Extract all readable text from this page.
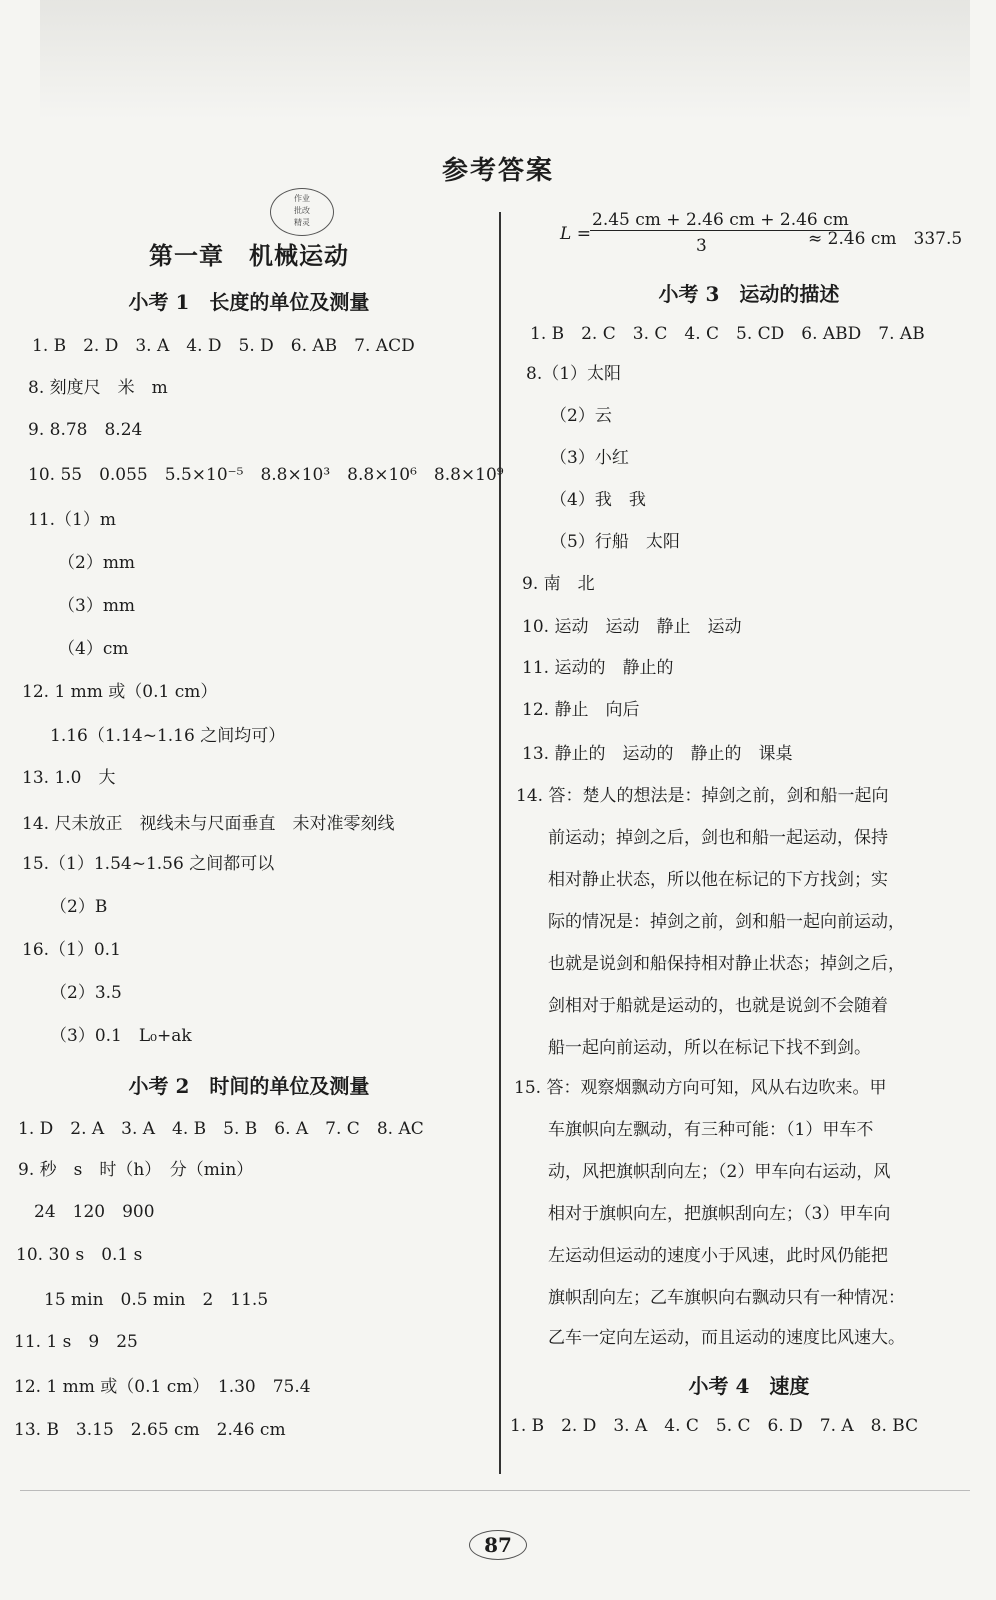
参考答案
作业
批改
精灵
第一章　机械运动
小考 1　长度的单位及测量
1. B　2. D　3. A　4. D　5. D　6. AB　7. ACD
8. 刻度尺　米　m
9. 8.78　8.24
10. 55　0.055　5.5×10⁻⁵　8.8×10³　8.8×10⁶　8.8×10⁹
11.（1）m
（2）mm
（3）mm
（4）cm
12. 1 mm 或（0.1 cm）
1.16（1.14~1.16 之间均可）
13. 1.0　大
14. 尺未放正　视线未与尺面垂直　未对准零刻线
15.（1）1.54~1.56 之间都可以
（2）B
16.（1）0.1
（2）3.5
（3）0.1　L₀+ak
小考 2　时间的单位及测量
1. D　2. A　3. A　4. B　5. B　6. A　7. C　8. AC
9. 秒　s　时（h）　分（min）
24　120　900
10. 30 s　0.1 s
15 min　0.5 min　2　11.5
11. 1 s　9　25
12. 1 mm 或（0.1 cm）　1.30　75.4
13. B　3.15　2.65 cm　2.46 cm
L =
2.45 cm + 2.46 cm + 2.46 cm
3	≈ 2.46 cm　337.5
小考 3　运动的描述
1. B　2. C　3. C　4. C　5. CD　6. ABD　7. AB
8.（1）太阳
（2）云
（3）小红
（4）我　我
（5）行船　太阳
9. 南　北
10. 运动　运动　静止　运动
11. 运动的　静止的
12. 静止　向后
13. 静止的　运动的　静止的　课桌
14. 答：楚人的想法是：掉剑之前，剑和船一起向
前运动；掉剑之后，剑也和船一起运动，保持
相对静止状态，所以他在标记的下方找剑；实
际的情况是：掉剑之前，剑和船一起向前运动，
也就是说剑和船保持相对静止状态；掉剑之后，
剑相对于船就是运动的，也就是说剑不会随着
船一起向前运动，所以在标记下找不到剑。
15. 答：观察烟飘动方向可知，风从右边吹来。甲
车旗帜向左飘动，有三种可能：（1）甲车不
动，风把旗帜刮向左；（2）甲车向右运动，风
相对于旗帜向左，把旗帜刮向左；（3）甲车向
左运动但运动的速度小于风速，此时风仍能把
旗帜刮向左；乙车旗帜向右飘动只有一种情况：
乙车一定向左运动，而且运动的速度比风速大。
小考 4　速度
1. B　2. D　3. A　4. C　5. C　6. D　7. A　8. BC
87
